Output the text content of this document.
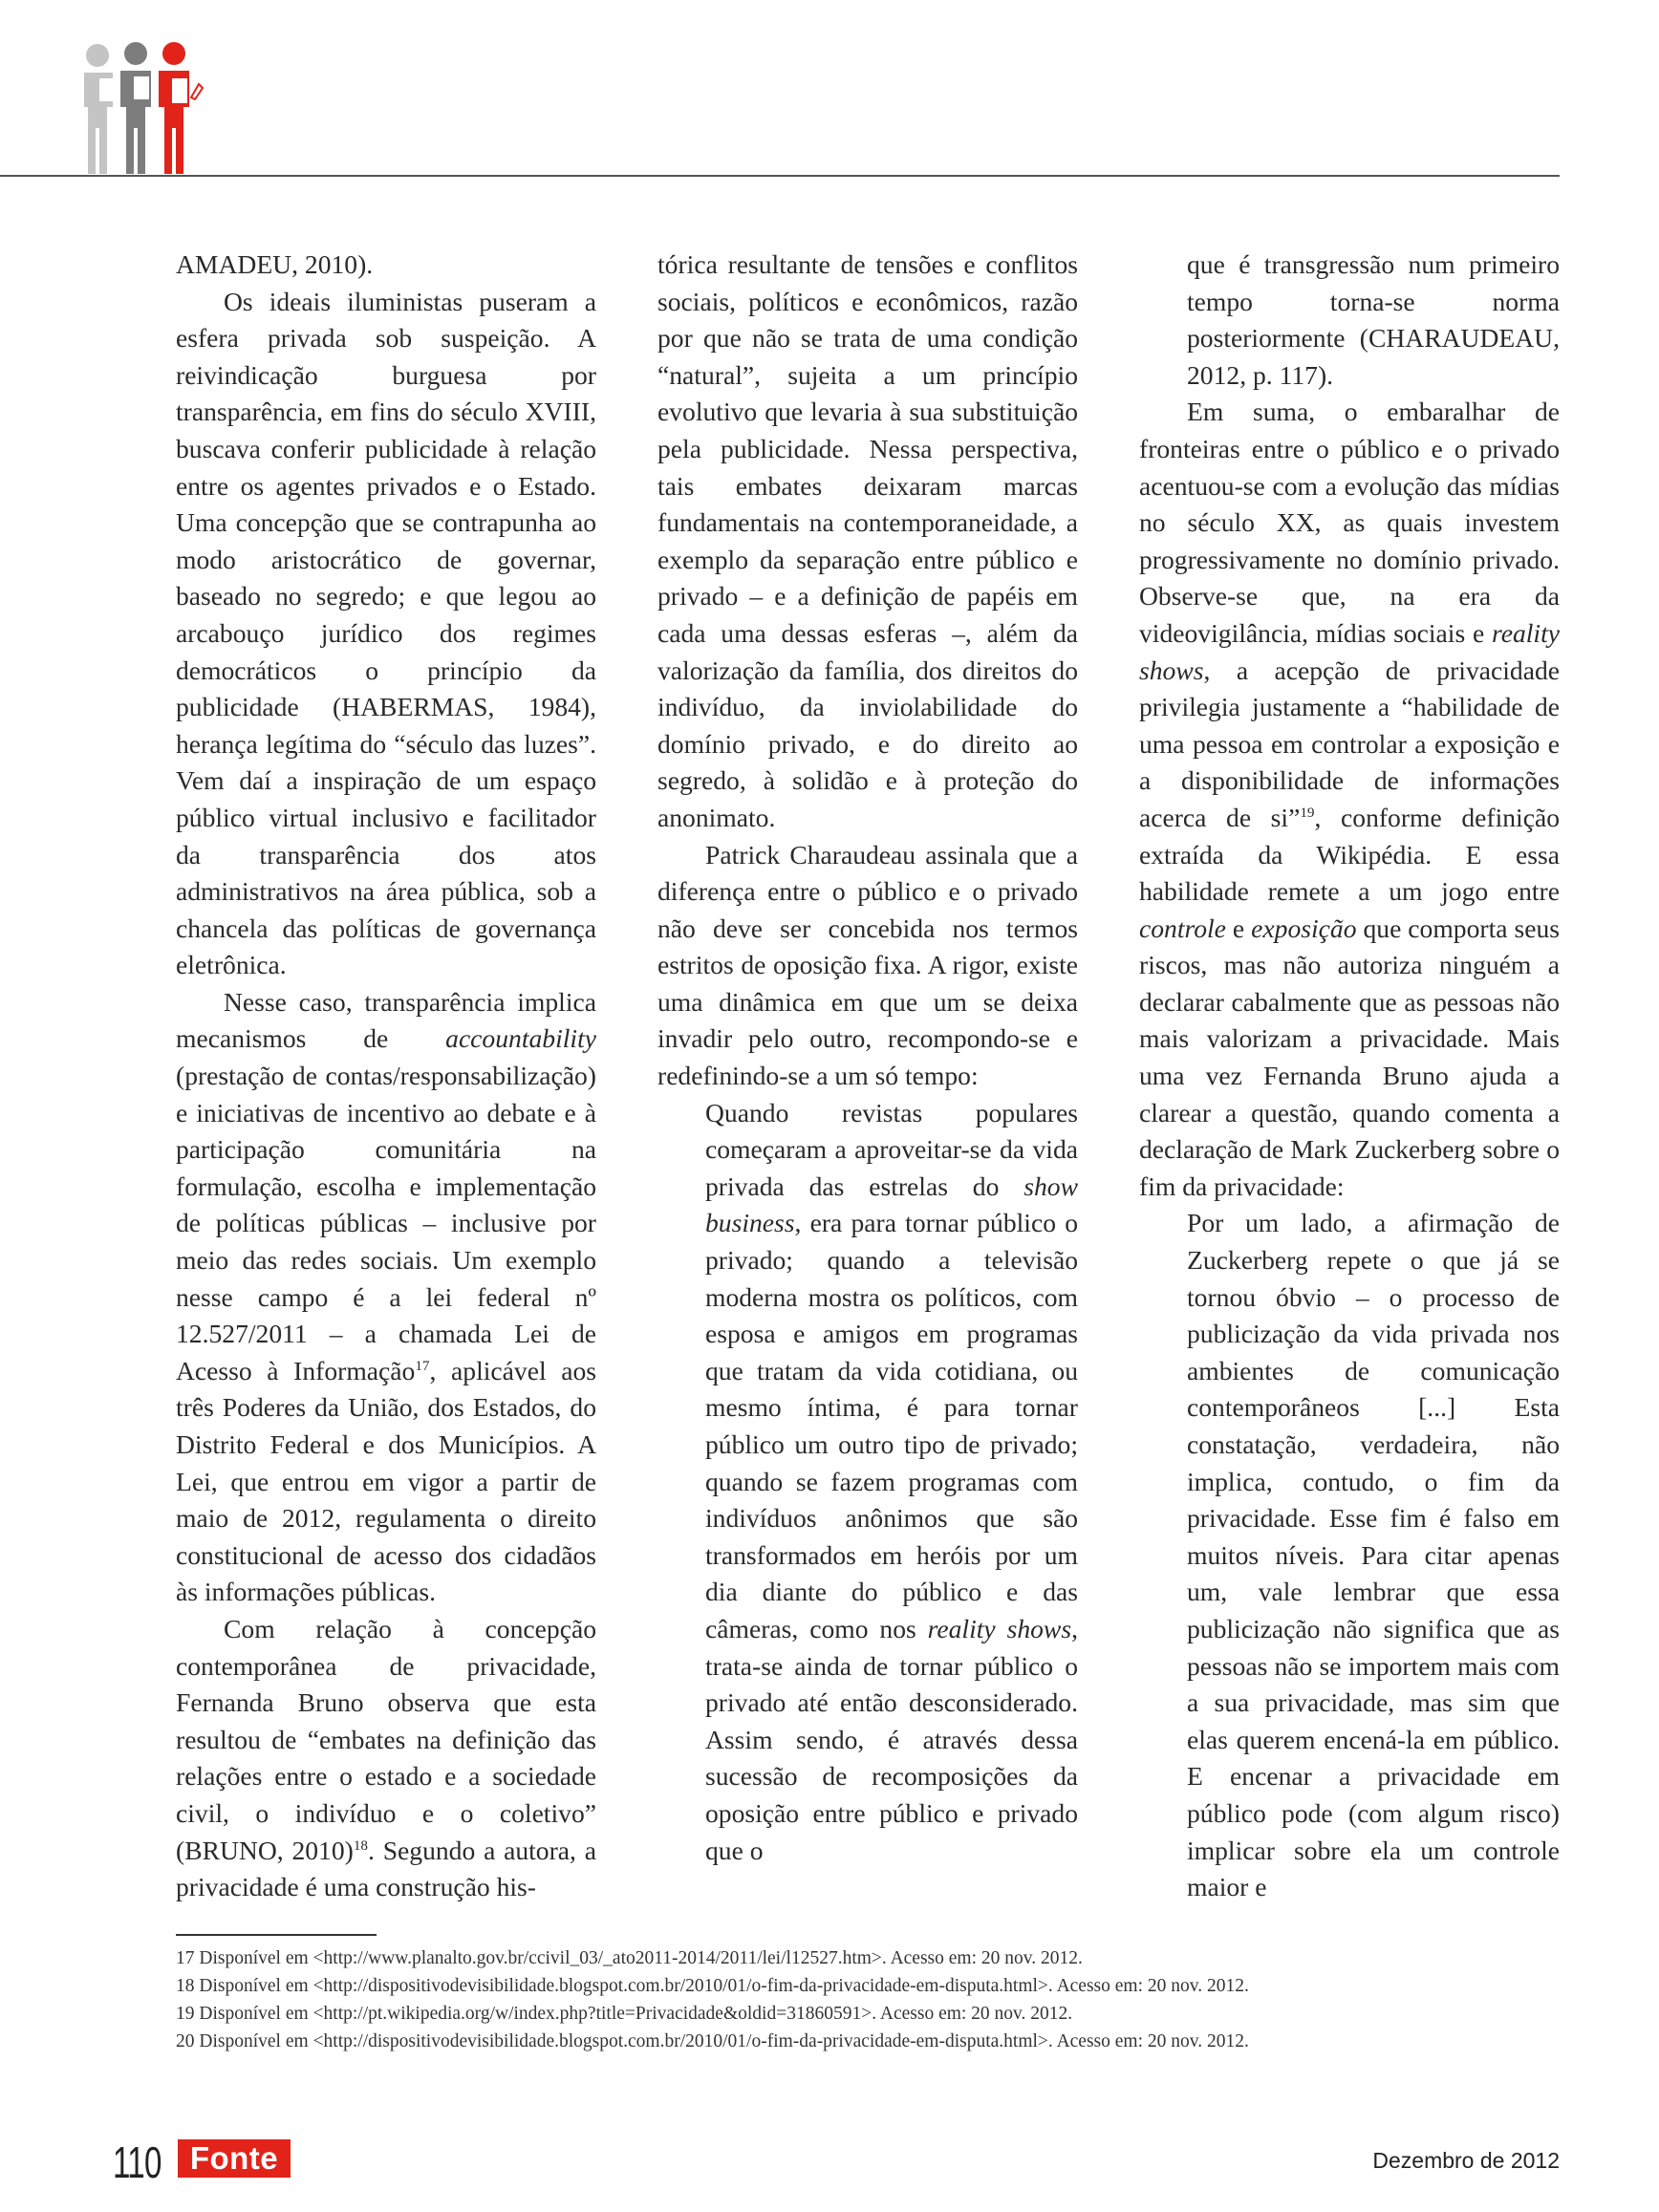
AMADEU, 2010).

Os ideais iluministas puseram a esfera privada sob suspeição. A reivindicação burguesa por transparência, em fins do século XVIII, buscava conferir publicidade à relação entre os agentes privados e o Estado. Uma concepção que se contrapunha ao modo aristocrático de governar, baseado no segredo; e que legou ao arcabouço jurídico dos regimes democráticos o princípio da publicidade (HABERMAS, 1984), herança legítima do “século das luzes”. Vem daí a inspiração de um espaço público virtual inclusivo e facilitador da transparência dos atos administrativos na área pública, sob a chancela das políticas de governança eletrônica.

Nesse caso, transparência implica mecanismos de accountability (prestação de contas/responsabilização) e iniciativas de incentivo ao debate e à participação comunitária na formulação, escolha e implementação de políticas públicas – inclusive por meio das redes sociais. Um exemplo nesse campo é a lei federal nº 12.527/2011 – a chamada Lei de Acesso à Informação$^{17}$, aplicável aos três Poderes da União, dos Estados, do Distrito Federal e dos Municípios. A Lei, que entrou em vigor a partir de maio de 2012, regulamenta o direito constitucional de acesso dos cidadãos às informações públicas.

Com relação à concepção contemporânea de privacidade, Fernanda Bruno observa que esta resultou de “embates na definição das relações entre o estado e a sociedade civil, o indivíduo e o coletivo” (BRUNO, 2010)$^{18}$. Segundo a autora, a privacidade é uma construção his-

tórica resultante de tensões e conflitos sociais, políticos e econômicos, razão por que não se trata de uma condição “natural”, sujeita a um princípio evolutivo que levaria à sua substituição pela publicidade. Nessa perspectiva, tais embates deixaram marcas fundamentais na contemporaneidade, a exemplo da separação entre público e privado – e a definição de papéis em cada uma dessas esferas –, além da valorização da família, dos direitos do indivíduo, da inviolabilidade do domínio privado, e do direito ao segredo, à solidão e à proteção do anonimato.

Patrick Charaudeau assinala que a diferença entre o público e o privado não deve ser concebida nos termos estritos de oposição fixa. A rigor, existe uma dinâmica em que um se deixa invadir pelo outro, recompondo-se e redefinindo-se a um só tempo:

Quando revistas populares começaram a aproveitar-se da vida privada das estrelas do show business, era para tornar público o privado; quando a televisão moderna mostra os políticos, com esposa e amigos em programas que tratam da vida cotidiana, ou mesmo íntima, é para tornar público um outro tipo de privado; quando se fazem programas com indivíduos anônimos que são transformados em heróis por um dia diante do público e das câmeras, como nos reality shows, trata-se ainda de tornar público o privado até então desconsiderado. Assim sendo, é através dessa sucessão de recomposições da oposição entre público e privado que o

que é transgressão num primeiro tempo torna-se norma posteriormente (CHARAUDEAU, 2012, p. 117).

Em suma, o embaralhar de fronteiras entre o público e o privado acentuou-se com a evolução das mídias no século XX, as quais investem progressivamente no domínio privado. Observe-se que, na era da videovigilância, mídias sociais e reality shows, a acepção de privacidade privilegia justamente a “habilidade de uma pessoa em controlar a exposição e a disponibilidade de informações acerca de si”$^{19}$, conforme definição extraída da Wikipédia. E essa habilidade remete a um jogo entre controle e exposição que comporta seus riscos, mas não autoriza ninguém a declarar cabalmente que as pessoas não mais valorizam a privacidade. Mais uma vez Fernanda Bruno ajuda a clarear a questão, quando comenta a declaração de Mark Zuckerberg sobre o fim da privacidade:

Por um lado, a afirmação de Zuckerberg repete o que já se tornou óbvio – o processo de publicização da vida privada nos ambientes de comunicação contemporâneos [...] Esta constatação, verdadeira, não implica, contudo, o fim da privacidade. Esse fim é falso em muitos níveis. Para citar apenas um, vale lembrar que essa publicização não significa que as pessoas não se importem mais com a sua privacidade, mas sim que elas querem encená-la em público. E encenar a privacidade em público pode (com algum risco) implicar sobre ela um controle maior e

17 Disponível em <http://www.planalto.gov.br/ccivil_03/_ato2011-2014/2011/lei/l12527.htm>. Acesso em: 20 nov. 2012.
18 Disponível em <http://dispositivodevisibilidade.blogspot.com.br/2010/01/o-fim-da-privacidade-em-disputa.html>. Acesso em: 20 nov. 2012.
19 Disponível em <http://pt.wikipedia.org/w/index.php?title=Privacidade&oldid=31860591>. Acesso em: 20 nov. 2012.
20 Disponível em <http://dispositivodevisibilidade.blogspot.com.br/2010/01/o-fim-da-privacidade-em-disputa.html>. Acesso em: 20 nov. 2012.
110 Fonte	Dezembro de 2012
